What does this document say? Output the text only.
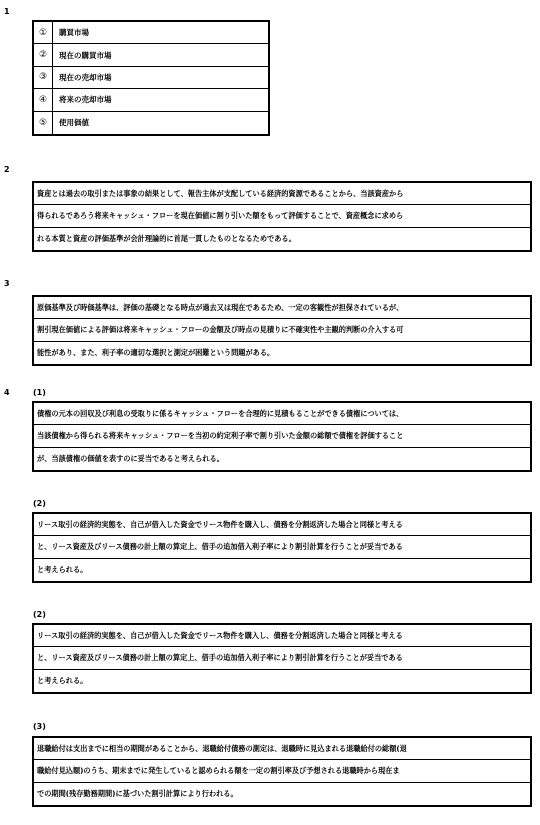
1
①	購買市場
②	現在の購買市場
③	現在の売却市場
④	将来の売却市場
⑤	使用価値
2
資産とは過去の取引または事象の結果として、報告主体が支配している経済的資源であることから、当該資産から
得られるであろう将来キャッシュ・フローを現在価値に割り引いた額をもって評価することで、資産概念に求めら
れる本質と資産の評価基準が会計理論的に首尾一貫したものとなるためである。
3
原価基準及び時価基準は、評価の基礎となる時点が過去又は現在であるため、一定の客観性が担保されているが、
割引現在価値による評価は将来キャッシュ・フローの金額及び時点の見積りに不確実性や主観的判断の介入する可
能性があり、また、利子率の適切な選択と測定が困難という問題がある。
4	(1)
債権の元本の回収及び利息の受取りに係るキャッシュ・フローを合理的に見積もることができる債権については、
当該債権から得られる将来キャッシュ・フローを当初の約定利子率で割り引いた金額の総額で債権を評価すること
が、当該債権の価値を表すのに妥当であると考えられる。
(2)
リース取引の経済的実態を、自己が借入した資金でリース物件を購入し、債務を分割返済した場合と同様と考える
と、リース資産及びリース債務の計上額の算定上、借手の追加借入利子率により割引計算を行うことが妥当である
と考えられる。
(2)
リース取引の経済的実態を、自己が借入した資金でリース物件を購入し、債務を分割返済した場合と同様と考える
と、リース資産及びリース債務の計上額の算定上、借手の追加借入利子率により割引計算を行うことが妥当である
と考えられる。
(3)
退職給付は支出までに相当の期間があることから、退職給付債務の測定は、退職時に見込まれる退職給付の総額(退
職給付見込額)のうち、期末までに発生していると認められる額を一定の割引率及び予想される退職時から現在ま
での期間(残存勤務期間)に基づいた割引計算により行われる。
